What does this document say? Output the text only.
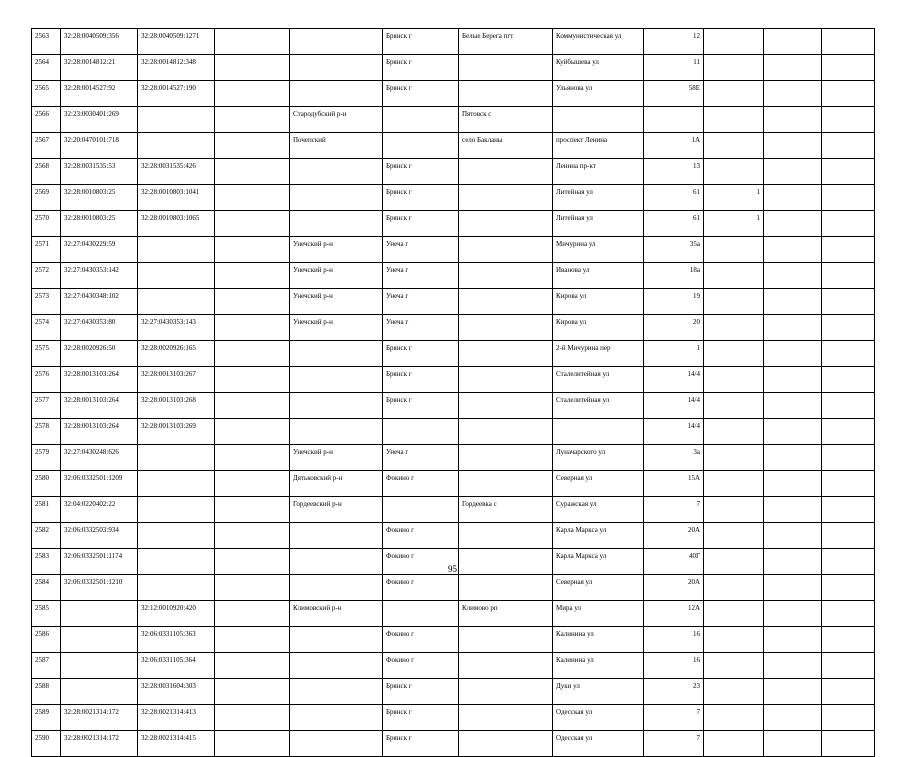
2563	32:28:0040509:356	32:28:0040509:1271			Брянск г	Белые Берега пгт	Коммунистическая ул	12			
2564	32:28:0014812:21	32:28:0014812:348			Брянск г		Куйбышева ул	11			
2565	32:28:0014527:92	32:28:0014527:190			Брянск г		Ульянова ул	58Е			
2566	32:23:0030401:269			Стародубский р-н		Пятовск с					
2567	32:20:0470101:718			Почепский		село Бакланы	проспект Ленина	1А			
2568	32:28:0031535:53	32:28:0031535:426			Брянск г		Ленина пр-кт	13			
2569	32:28:0010803:25	32:28:0010803:1041			Брянск г		Литейная ул	61	1		
2570	32:28:0010803:25	32:28:0010803:1065			Брянск г		Литейная ул	61	1		
2571	32:27:0430229:59			Унечский р-н	Унеча г		Мичурина ул	35а			
2572	32:27:0430353:142			Унечский р-н	Унеча г		Иванова ул	18а			
2573	32:27:0430348:102			Унечский р-н	Унеча г		Кирова ул	19			
2574	32:27:0430353:80	32:27:0430353:143		Унечский р-н	Унеча г		Кирова ул	20			
2575	32:28:0020926:50	32:28:0020926:165			Брянск г		2-й Мичурина пер	1			
2576	32:28:0013103:264	32:28:0013103:267			Брянск г		Сталелитейная ул	14/4			
2577	32:28:0013103:264	32:28:0013103:268			Брянск г		Сталелитейная ул	14/4			
2578	32:28:0013103:264	32:28:0013103:269						14/4			
2579	32:27:0430248:626			Унечский р-н	Унеча г		Луначарского ул	3а			
2580	32:06:0332501:1209			Дятьковский р-н	Фокино г		Северная ул	15А			
2581	32:04:0220402:22			Гордеевский р-н		Гордеевка с	Суражская ул	7			
2582	32:06:0332503:934				Фокино г		Карла Маркса ул	20А			
2583	32:06:0332501:1174				Фокино г		Карла Маркса ул	40Г			
2584	32:06:0332501:1210				Фокино г		Северная ул	20А			
2585		32:12:0010920:420		Климовский р-н		Климово рп	Мира ул	12А			
2586		32:06:0331105:363			Фокино г		Калинина ул	16			
2587		32:06:0331105:364			Фокино г		Калинина ул	16			
2588		32:28:0031604:303			Брянск г		Дуки ул	23			
2589	32:28:0021314:172	32:28:0021314:413			Брянск г		Одесская ул	7			
2590	32:28:0021314:172	32:28:0021314:415			Брянск г		Одесская ул	7			
95
